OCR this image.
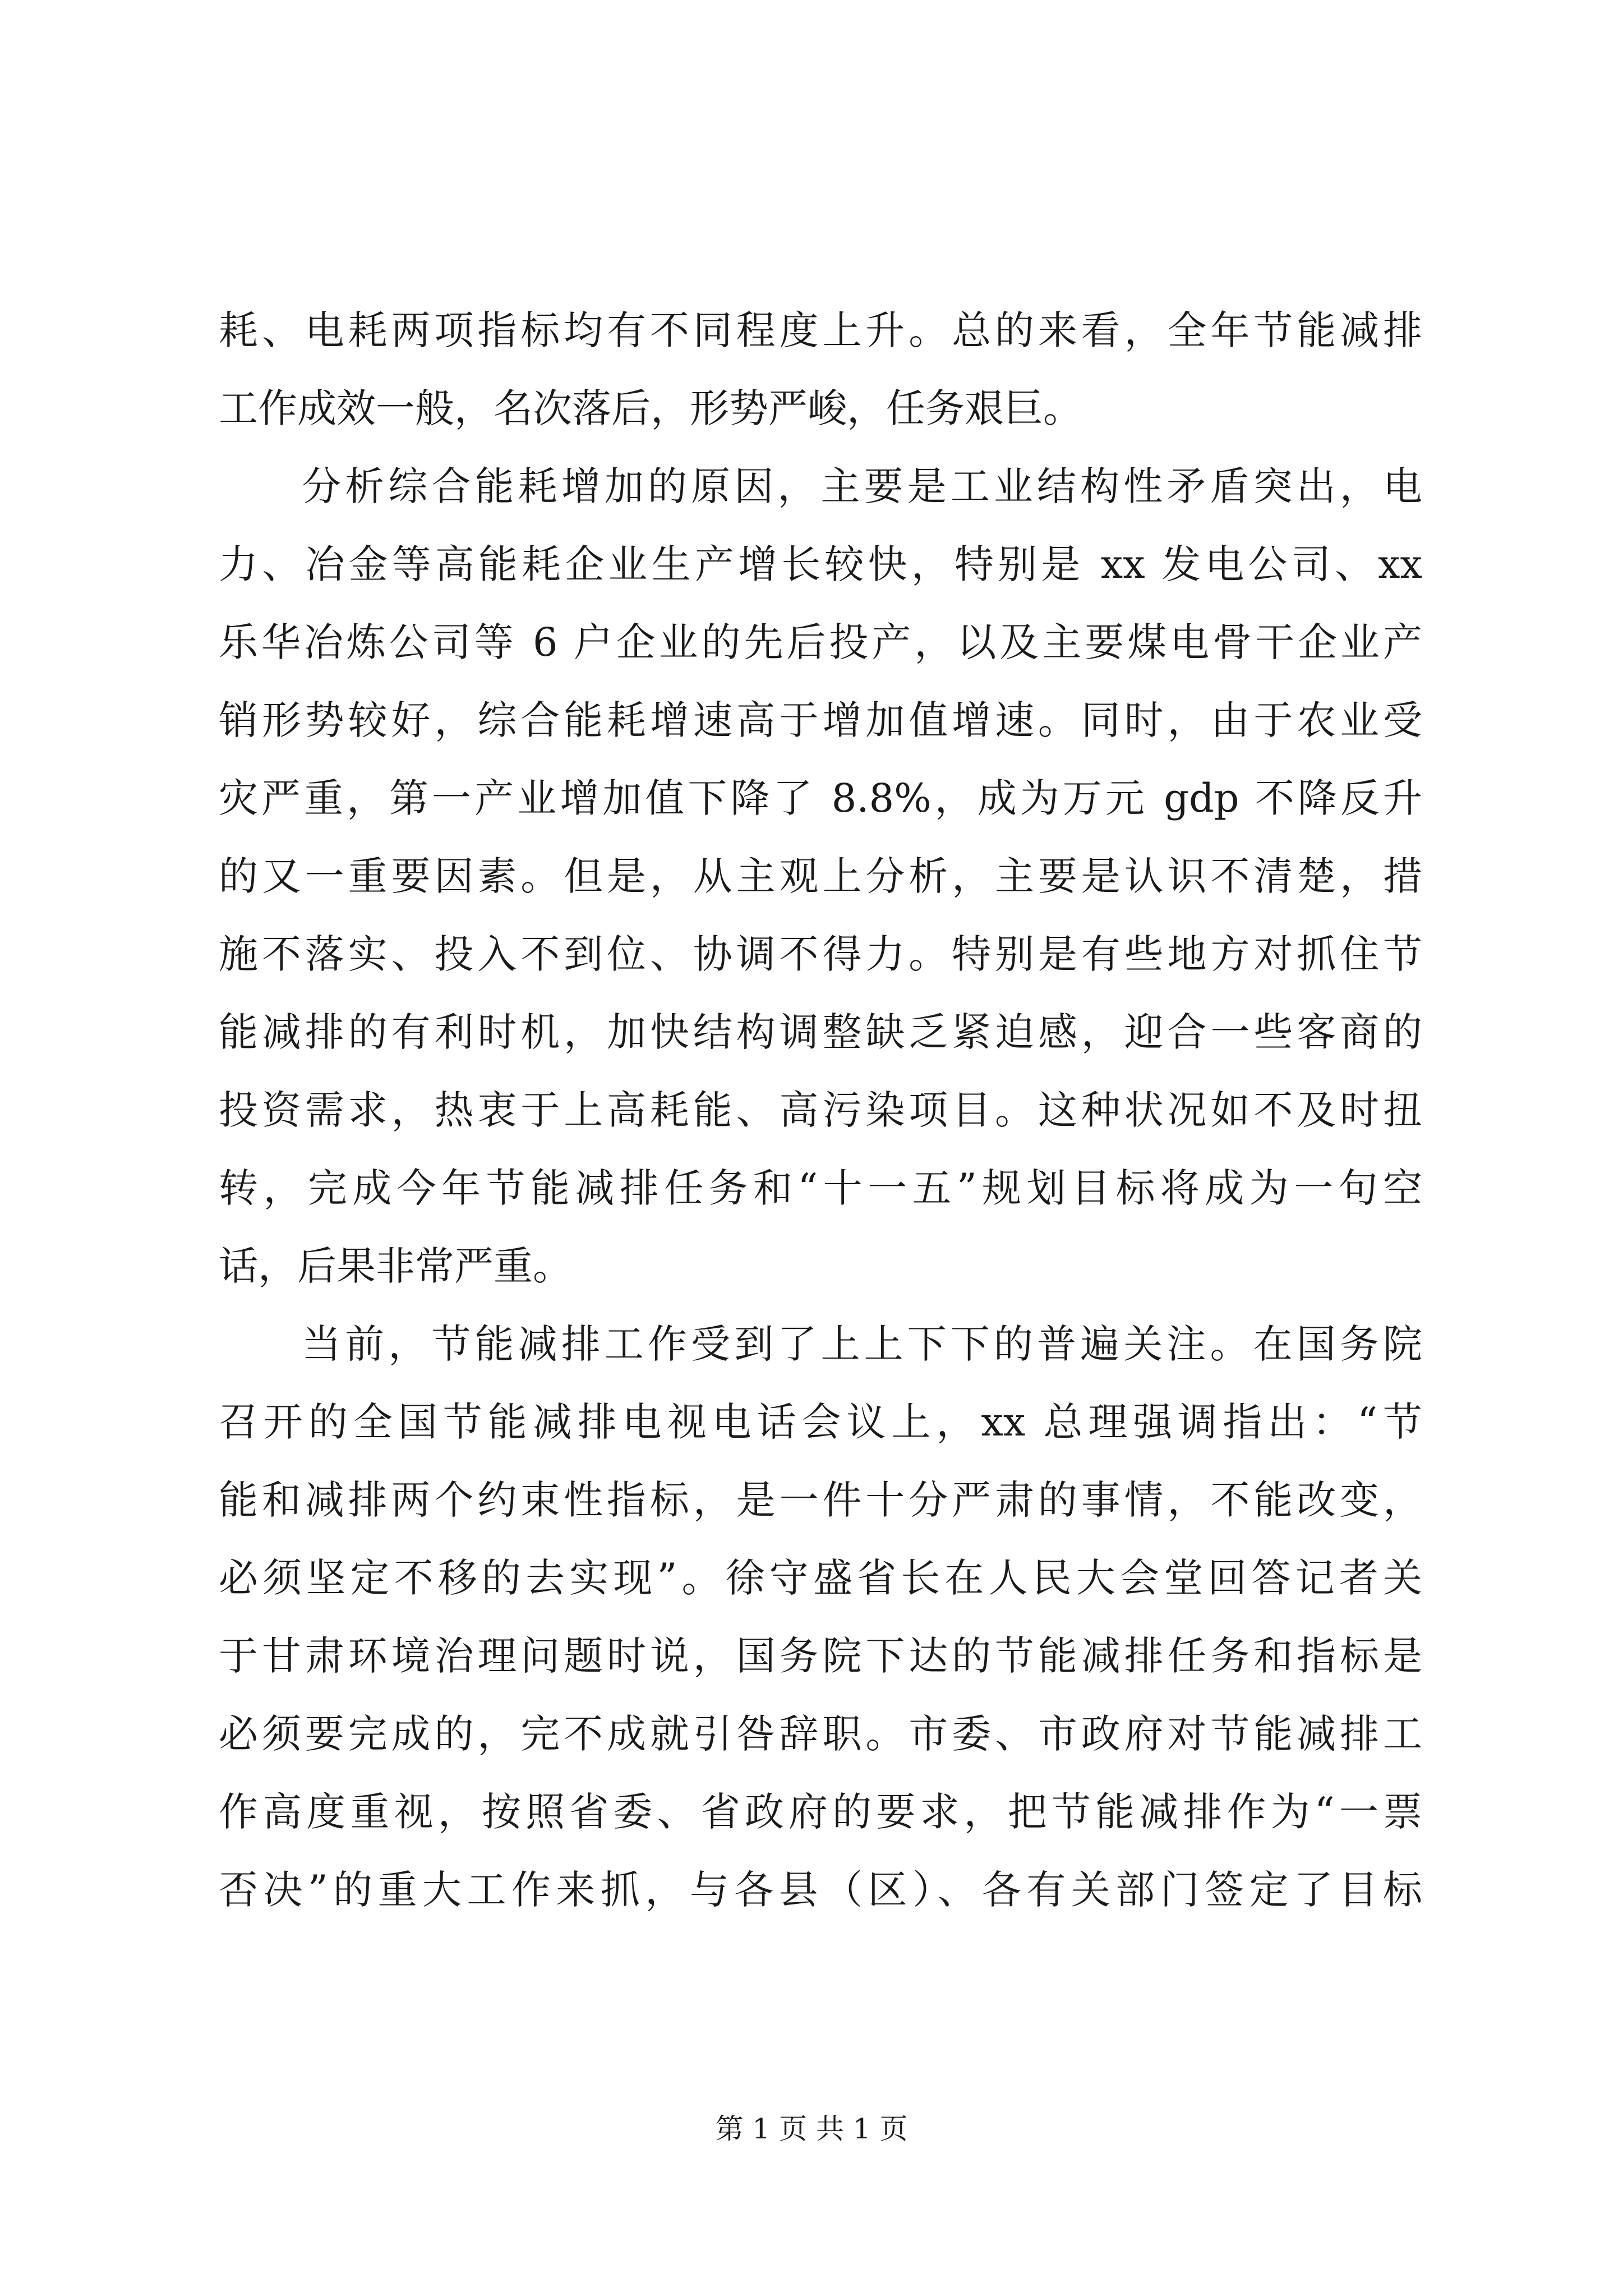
耗、电耗两项指标均有不同程度上升。总的来看，全年节能减排
工作成效一般，名次落后，形势严峻，任务艰巨。
分析综合能耗增加的原因，主要是工业结构性矛盾突出，电
力、冶金等高能耗企业生产增长较快，特别是 xx 发电公司、xx
乐华冶炼公司等 6 户企业的先后投产，以及主要煤电骨干企业产
销形势较好，综合能耗增速高于增加值增速。同时，由于农业受
灾严重，第一产业增加值下降了 8.8%，成为万元 gdp 不降反升
的又一重要因素。但是，从主观上分析，主要是认识不清楚，措
施不落实、投入不到位、协调不得力。特别是有些地方对抓住节
能减排的有利时机，加快结构调整缺乏紧迫感，迎合一些客商的
投资需求，热衷于上高耗能、高污染项目。这种状况如不及时扭
转，完成今年节能减排任务和“十一五”规划目标将成为一句空
话，后果非常严重。
当前，节能减排工作受到了上上下下的普遍关注。在国务院
召开的全国节能减排电视电话会议上，xx 总理强调指出：“节
能和减排两个约束性指标，是一件十分严肃的事情，不能改变，
必须坚定不移的去实现”。徐守盛省长在人民大会堂回答记者关
于甘肃环境治理问题时说，国务院下达的节能减排任务和指标是
必须要完成的，完不成就引咎辞职。市委、市政府对节能减排工
作高度重视，按照省委、省政府的要求，把节能减排作为“一票
否决”的重大工作来抓，与各县（区）、各有关部门签定了目标
第 1 页 共 1 页
